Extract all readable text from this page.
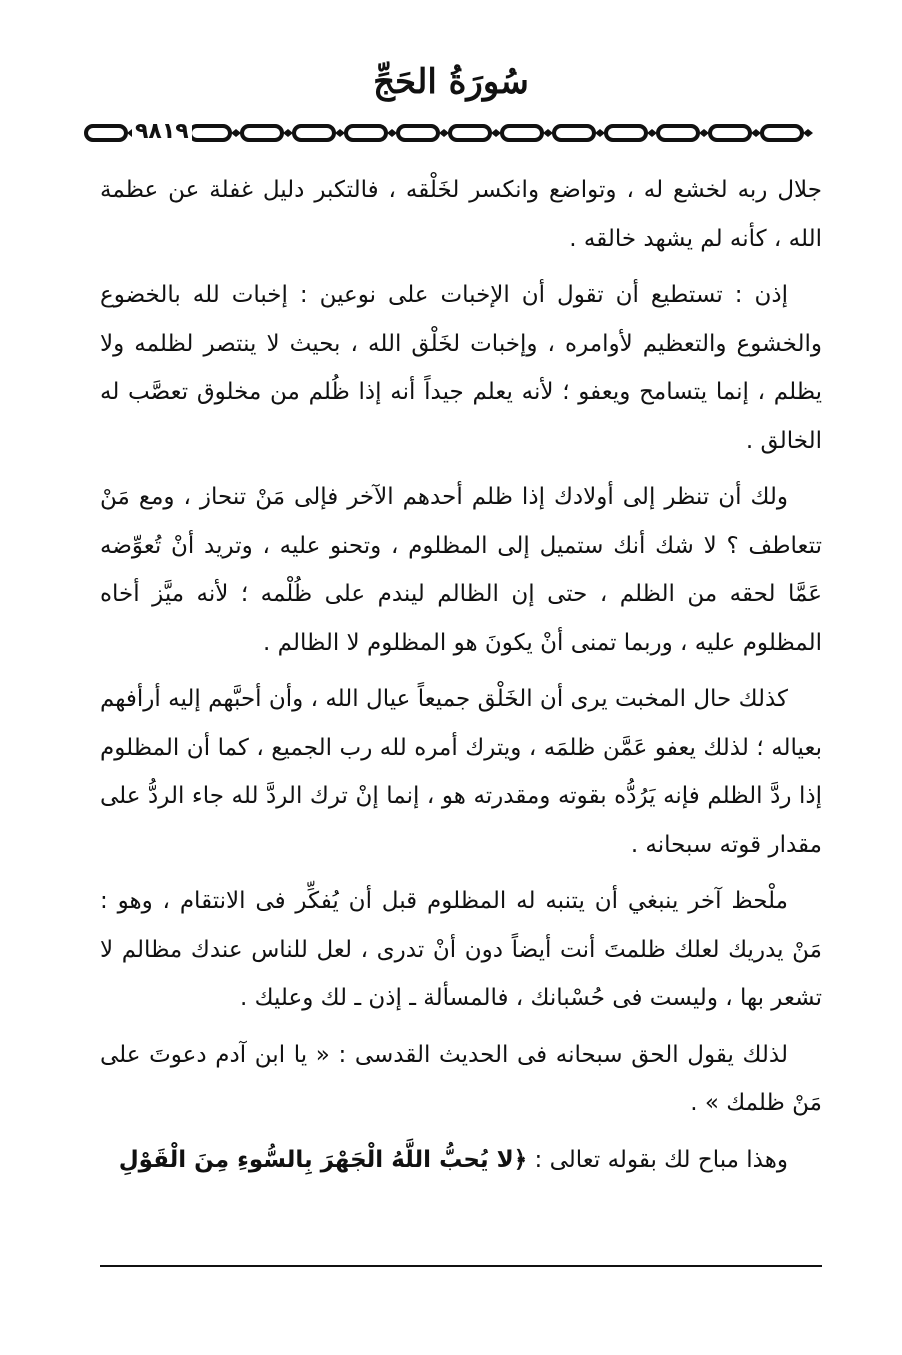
سُورَةُ الحَجِّ
٩٨١٩

جلال ربه لخشع له ، وتواضع وانكسر لخَلْقه ، فالتكبر دليل غفلة عن عظمة الله ، كأنه لم يشهد خالقه .

إذن : تستطيع أن تقول أن الإخبات على نوعين : إخبات لله بالخضوع والخشوع والتعظيم لأوامره ، وإخبات لخَلْق الله ، بحيث لا ينتصر لظلمه ولا يظلم ، إنما يتسامح ويعفو ؛ لأنه يعلم جيداً أنه إذا ظُلم من مخلوق تعصَّب له الخالق .

ولك أن تنظر إلى أولادك إذا ظلم أحدهم الآخر فإلى مَنْ تنحاز ، ومع مَنْ تتعاطف ؟ لا شك أنك ستميل إلى المظلوم ، وتحنو عليه ، وتريد أنْ تُعوِّضه عَمَّا لحقه من الظلم ، حتى إن الظالم ليندم على ظُلْمه ؛ لأنه ميَّز أخاه المظلوم عليه ، وربما تمنى أنْ يكونَ هو المظلوم لا الظالم .

كذلك حال المخبت يرى أن الخَلْق جميعاً عيال الله ، وأن أحبَّهم إليه أرأفهم بعياله ؛ لذلك يعفو عَمَّن ظلمَه ، ويترك أمره لله رب الجميع ، كما أن المظلوم إذا ردَّ الظلم فإنه يَرُدُّه بقوته ومقدرته هو ، إنما إنْ ترك الردَّ لله جاء الردُّ على مقدار قوته سبحانه .

ملْحظ آخر ينبغي أن يتنبه له المظلوم قبل أن يُفكِّر فى الانتقام ، وهو : مَنْ يدريك لعلك ظلمتَ أنت أيضاً دون أنْ تدرى ، لعل للناس عندك مظالم لا تشعر بها ، وليست فى حُسْبانك ، فالمسألة ـ إذن ـ لك وعليك .

لذلك يقول الحق سبحانه فى الحديث القدسى : « يا ابن آدم دعوتَ على مَنْ ظلمك » .

وهذا مباح لك بقوله تعالى : ﴿لا يُحبُّ اللَّهُ الْجَهْرَ بِالسُّوءِ مِنَ الْقَوْلِ
